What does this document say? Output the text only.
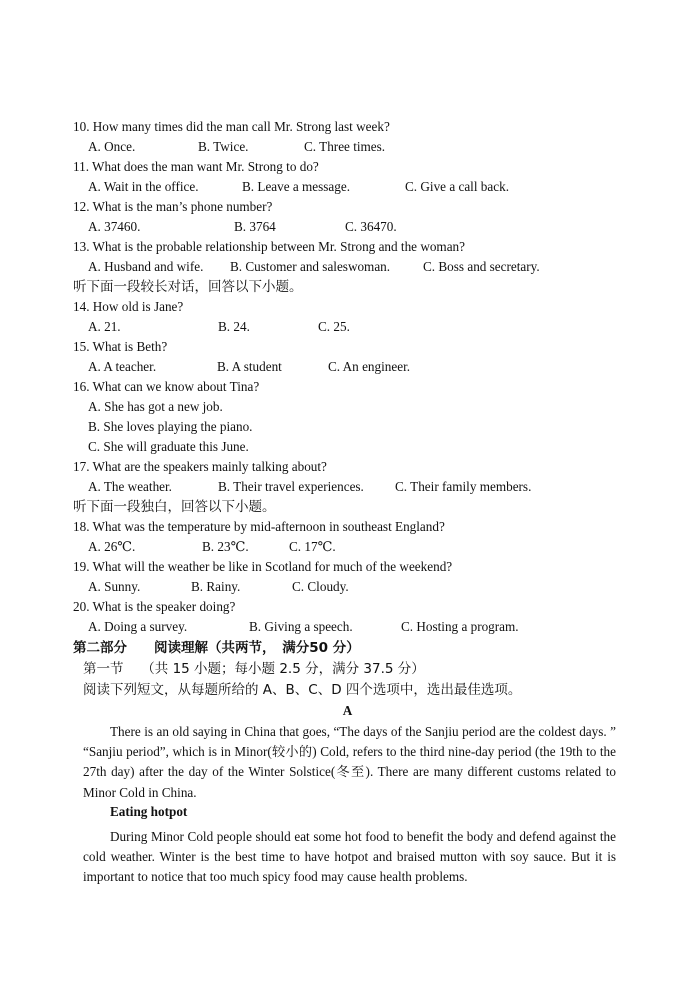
10. How many times did the man call Mr. Strong last week?
A. Once.	B. Twice.	C. Three times.
11. What does the man want Mr. Strong to do?
A. Wait in the office.	B. Leave a message.	C. Give a call back.
12. What is the man’s phone number?
A. 37460.	B. 3764	C. 36470.
13. What is the probable relationship between Mr. Strong and the woman?
A. Husband and wife. B. Customer and saleswoman. C. Boss and secretary.
听下面一段较长对话，回答以下小题。
14. How old is Jane?
A. 21.	B. 24.	C. 25.
15. What is Beth?
A. A teacher.	B. A student	C. An engineer.
16. What can we know about Tina?
A. She has got a new job.
B. She loves playing the piano.
C. She will graduate this June.
17. What are the speakers mainly talking about?
A. The weather.	B. Their travel experiences. C. Their family members.
听下面一段独白，回答以下小题。
18. What was the temperature by mid-afternoon in southeast England?
A. 26℃.	B. 23℃.	C. 17℃.
19. What will the weather be like in Scotland for much of the weekend?
A. Sunny.	B. Rainy.	C. Cloudy.
20. What is the speaker doing?
A. Doing a survey.	B. Giving a speech.	C. Hosting a program.
第二部分　　阅读理解（共两节，　满分50 分）
第一节　 （共 15 小题；每小题 2.5 分，满分 37.5 分）
阅读下列短文，从每题所给的 A、B、C、D 四个选项中，选出最佳选项。
A
There is an old saying in China that goes, “The days of the Sanjiu period are the coldest days. ” “Sanjiu period”, which is in Minor(较小的) Cold, refers to the third nine-day period (the 19th to the 27th day) after the day of the Winter Solstice(冬至). There are many different customs related to Minor Cold in China.
Eating hotpot
During Minor Cold people should eat some hot food to benefit the body and defend against the cold weather. Winter is the best time to have hotpot and braised mutton with soy sauce. But it is important to notice that too much spicy food may cause health problems.
